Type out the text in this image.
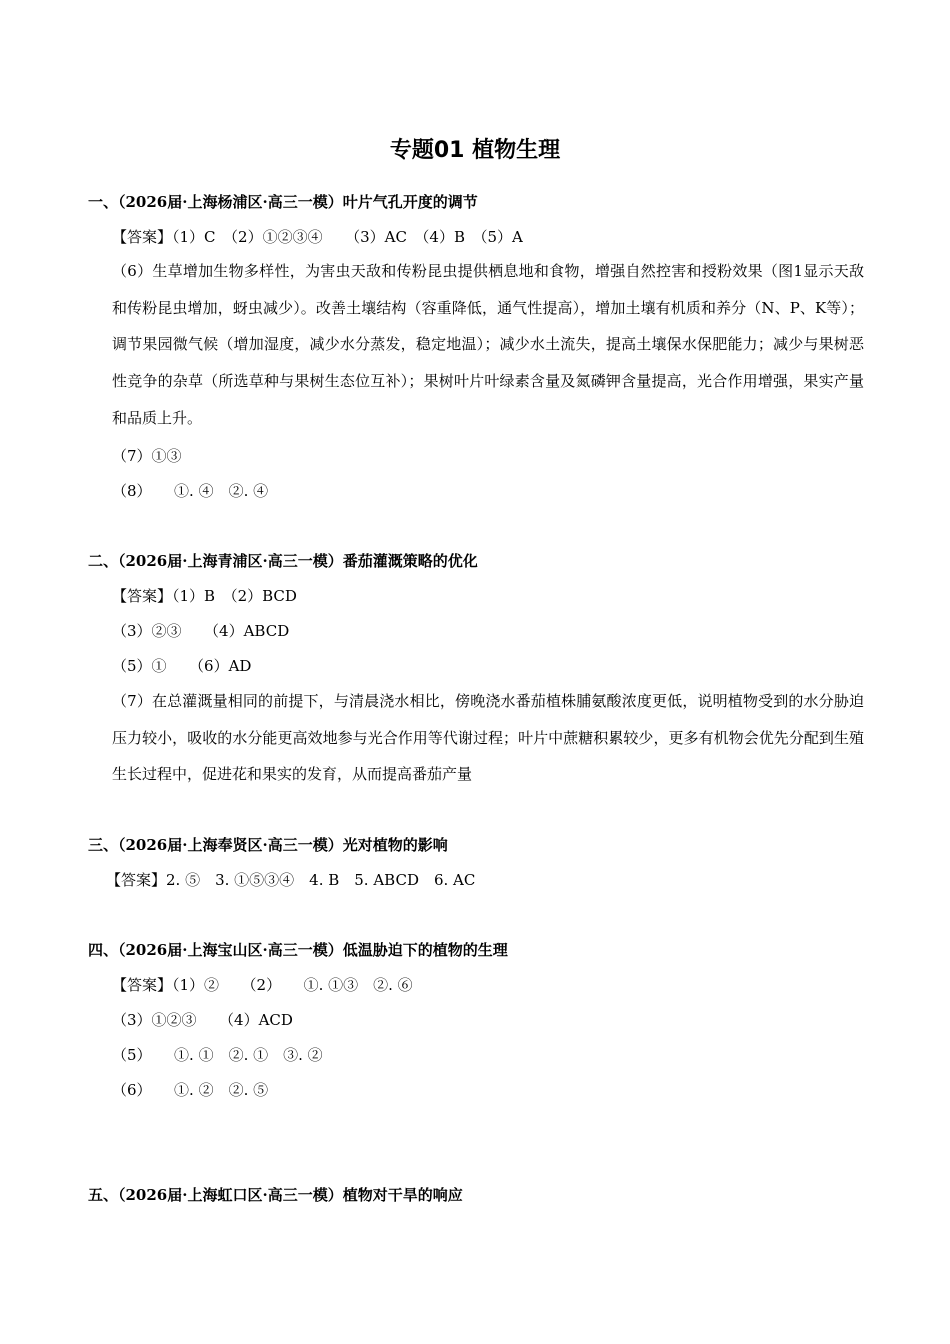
专题01 植物生理
一、（2026届·上海杨浦区·高三一模）叶片气孔开度的调节
【答案】（1）C　（2）①②③④　　（3）AC　（4）B　（5）A
（6）生草增加生物多样性，为害虫天敌和传粉昆虫提供栖息地和食物，增强自然控害和授粉效果（图1显示天敌和传粉昆虫增加，蚜虫减少）。改善土壤结构（容重降低，通气性提高），增加土壤有机质和养分（N、P、K等）；调节果园微气候（增加湿度，减少水分蒸发，稳定地温）；减少水土流失，提高土壤保水保肥能力；减少与果树恶性竞争的杂草（所选草种与果树生态位互补）；果树叶片叶绿素含量及氮磷钾含量提高，光合作用增强，果实产量和品质上升。
（7）①③
（8）　　①. ④　②. ④
二、（2026届·上海青浦区·高三一模）番茄灌溉策略的优化
【答案】（1）B　（2）BCD
（3）②③　　（4）ABCD
（5）①　　（6）AD
（7）在总灌溉量相同的前提下，与清晨浇水相比，傍晚浇水番茄植株脯氨酸浓度更低，说明植物受到的水分胁迫压力较小，吸收的水分能更高效地参与光合作用等代谢过程；叶片中蔗糖积累较少，更多有机物会优先分配到生殖生长过程中，促进花和果实的发育，从而提高番茄产量
三、（2026届·上海奉贤区·高三一模）光对植物的影响
【答案】2. ⑤　3. ①⑤③④　4. B　5. ABCD　6. AC
四、（2026届·上海宝山区·高三一模）低温胁迫下的植物的生理
【答案】（1）②　　（2）　　①. ①③　②. ⑥
（3）①②③　　（4）ACD
（5）　　①. ①　②. ①　③. ②
（6）　　①. ②　②. ⑤
五、（2026届·上海虹口区·高三一模）植物对干旱的响应
